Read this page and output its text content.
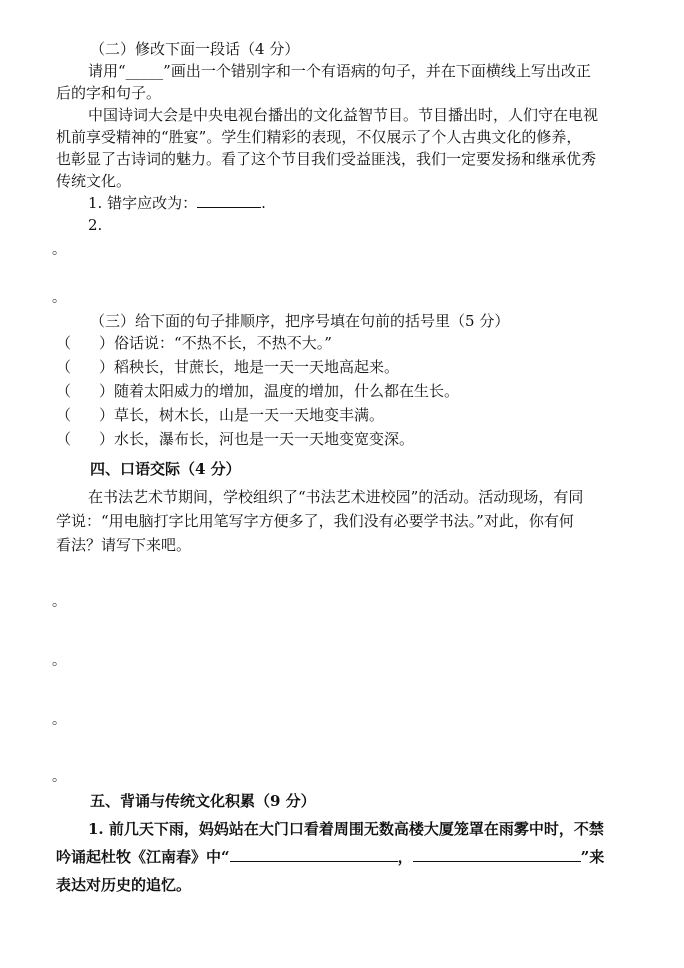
（二）修改下面一段话（4 分）
请用“_____”画出一个错别字和一个有语病的句子，并在下面横线上写出改正
后的字和句子。
中国诗词大会是中央电视台播出的文化益智节目。节目播出时，人们守在电视
机前享受精神的“胜宴”。学生们精彩的表现，不仅展示了个人古典文化的修养，
也彰显了古诗词的魅力。看了这个节目我们受益匪浅，我们一定要发扬和继承优秀
传统文化。
1. 错字应改为：	.
2.
。
。
（三）给下面的句子排顺序，把序号填在句前的括号里（5 分）
（ ）俗话说：“不热不长，不热不大。”
（ ）稻秧长，甘蔗长，地是一天一天地高起来。
（ ）随着太阳威力的增加，温度的增加，什么都在生长。
（ ）草长，树木长，山是一天一天地变丰满。
（ ）水长，瀑布长，河也是一天一天地变宽变深。
四、口语交际（4 分）
在书法艺术节期间，学校组织了“书法艺术进校园”的活动。活动现场，有同
学说：“用电脑打字比用笔写字方便多了，我们没有必要学书法。”对此，你有何
看法？请写下来吧。
。
。
。
。
五、背诵与传统文化积累（9 分）
1. 前几天下雨，妈妈站在大门口看着周围无数高楼大厦笼罩在雨雾中时，不禁
吟诵起杜牧《江南春》中“	，	”来
表达对历史的追忆。
